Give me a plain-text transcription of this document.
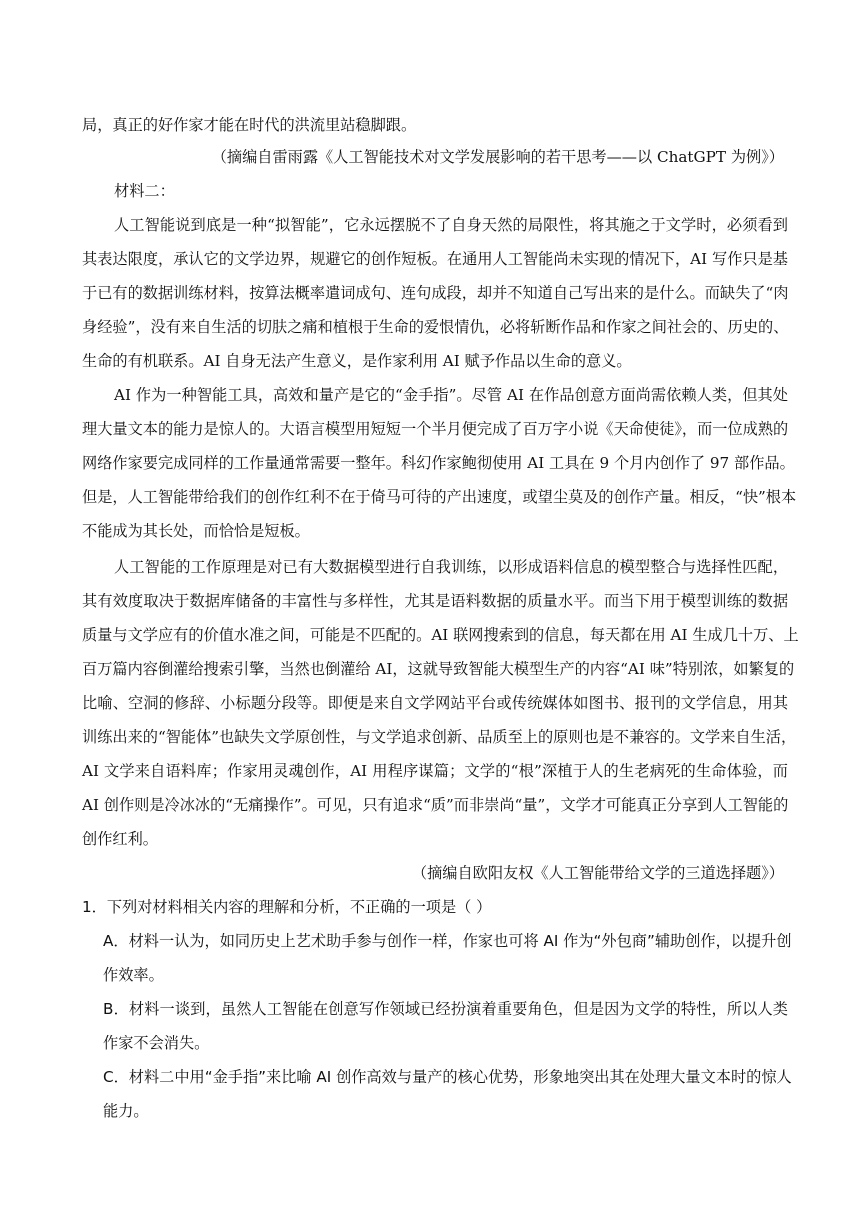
局，真正的好作家才能在时代的洪流里站稳脚跟。
（摘编自雷雨露《人工智能技术对文学发展影响的若干思考——以 ChatGPT 为例》）
材料二：
人工智能说到底是一种“拟智能”，它永远摆脱不了自身天然的局限性，将其施之于文学时，必须看到
其表达限度，承认它的文学边界，规避它的创作短板。在通用人工智能尚未实现的情况下，AI 写作只是基
于已有的数据训练材料，按算法概率遣词成句、连句成段，却并不知道自己写出来的是什么。而缺失了“肉
身经验”，没有来自生活的切肤之痛和植根于生命的爱恨情仇，必将斩断作品和作家之间社会的、历史的、
生命的有机联系。AI 自身无法产生意义，是作家利用 AI 赋予作品以生命的意义。
AI 作为一种智能工具，高效和量产是它的“金手指”。尽管 AI 在作品创意方面尚需依赖人类，但其处
理大量文本的能力是惊人的。大语言模型用短短一个半月便完成了百万字小说《天命使徒》，而一位成熟的
网络作家要完成同样的工作量通常需要一整年。科幻作家鲍彻使用 AI 工具在 9 个月内创作了 97 部作品。
但是，人工智能带给我们的创作红利不在于倚马可待的产出速度，或望尘莫及的创作产量。相反，“快”根本
不能成为其长处，而恰恰是短板。
人工智能的工作原理是对已有大数据模型进行自我训练，以形成语料信息的模型整合与选择性匹配，
其有效度取决于数据库储备的丰富性与多样性，尤其是语料数据的质量水平。而当下用于模型训练的数据
质量与文学应有的价值水准之间，可能是不匹配的。AI 联网搜索到的信息，每天都在用 AI 生成几十万、上
百万篇内容倒灌给搜索引擎，当然也倒灌给 AI，这就导致智能大模型生产的内容“AI 味”特别浓，如繁复的
比喻、空洞的修辞、小标题分段等。即便是来自文学网站平台或传统媒体如图书、报刊的文学信息，用其
训练出来的“智能体”也缺失文学原创性，与文学追求创新、品质至上的原则也是不兼容的。文学来自生活，
AI 文学来自语料库；作家用灵魂创作，AI 用程序谋篇；文学的“根”深植于人的生老病死的生命体验，而
AI 创作则是冷冰冰的“无痛操作”。可见，只有追求“质”而非崇尚“量”，文学才可能真正分享到人工智能的
创作红利。
（摘编自欧阳友权《人工智能带给文学的三道选择题》）
1．下列对材料相关内容的理解和分析，不正确的一项是（ ）
A．材料一认为，如同历史上艺术助手参与创作一样，作家也可将 AI 作为“外包商”辅助创作，以提升创
作效率。
B．材料一谈到，虽然人工智能在创意写作领域已经扮演着重要角色，但是因为文学的特性，所以人类
作家不会消失。
C．材料二中用“金手指”来比喻 AI 创作高效与量产的核心优势，形象地突出其在处理大量文本时的惊人
能力。
